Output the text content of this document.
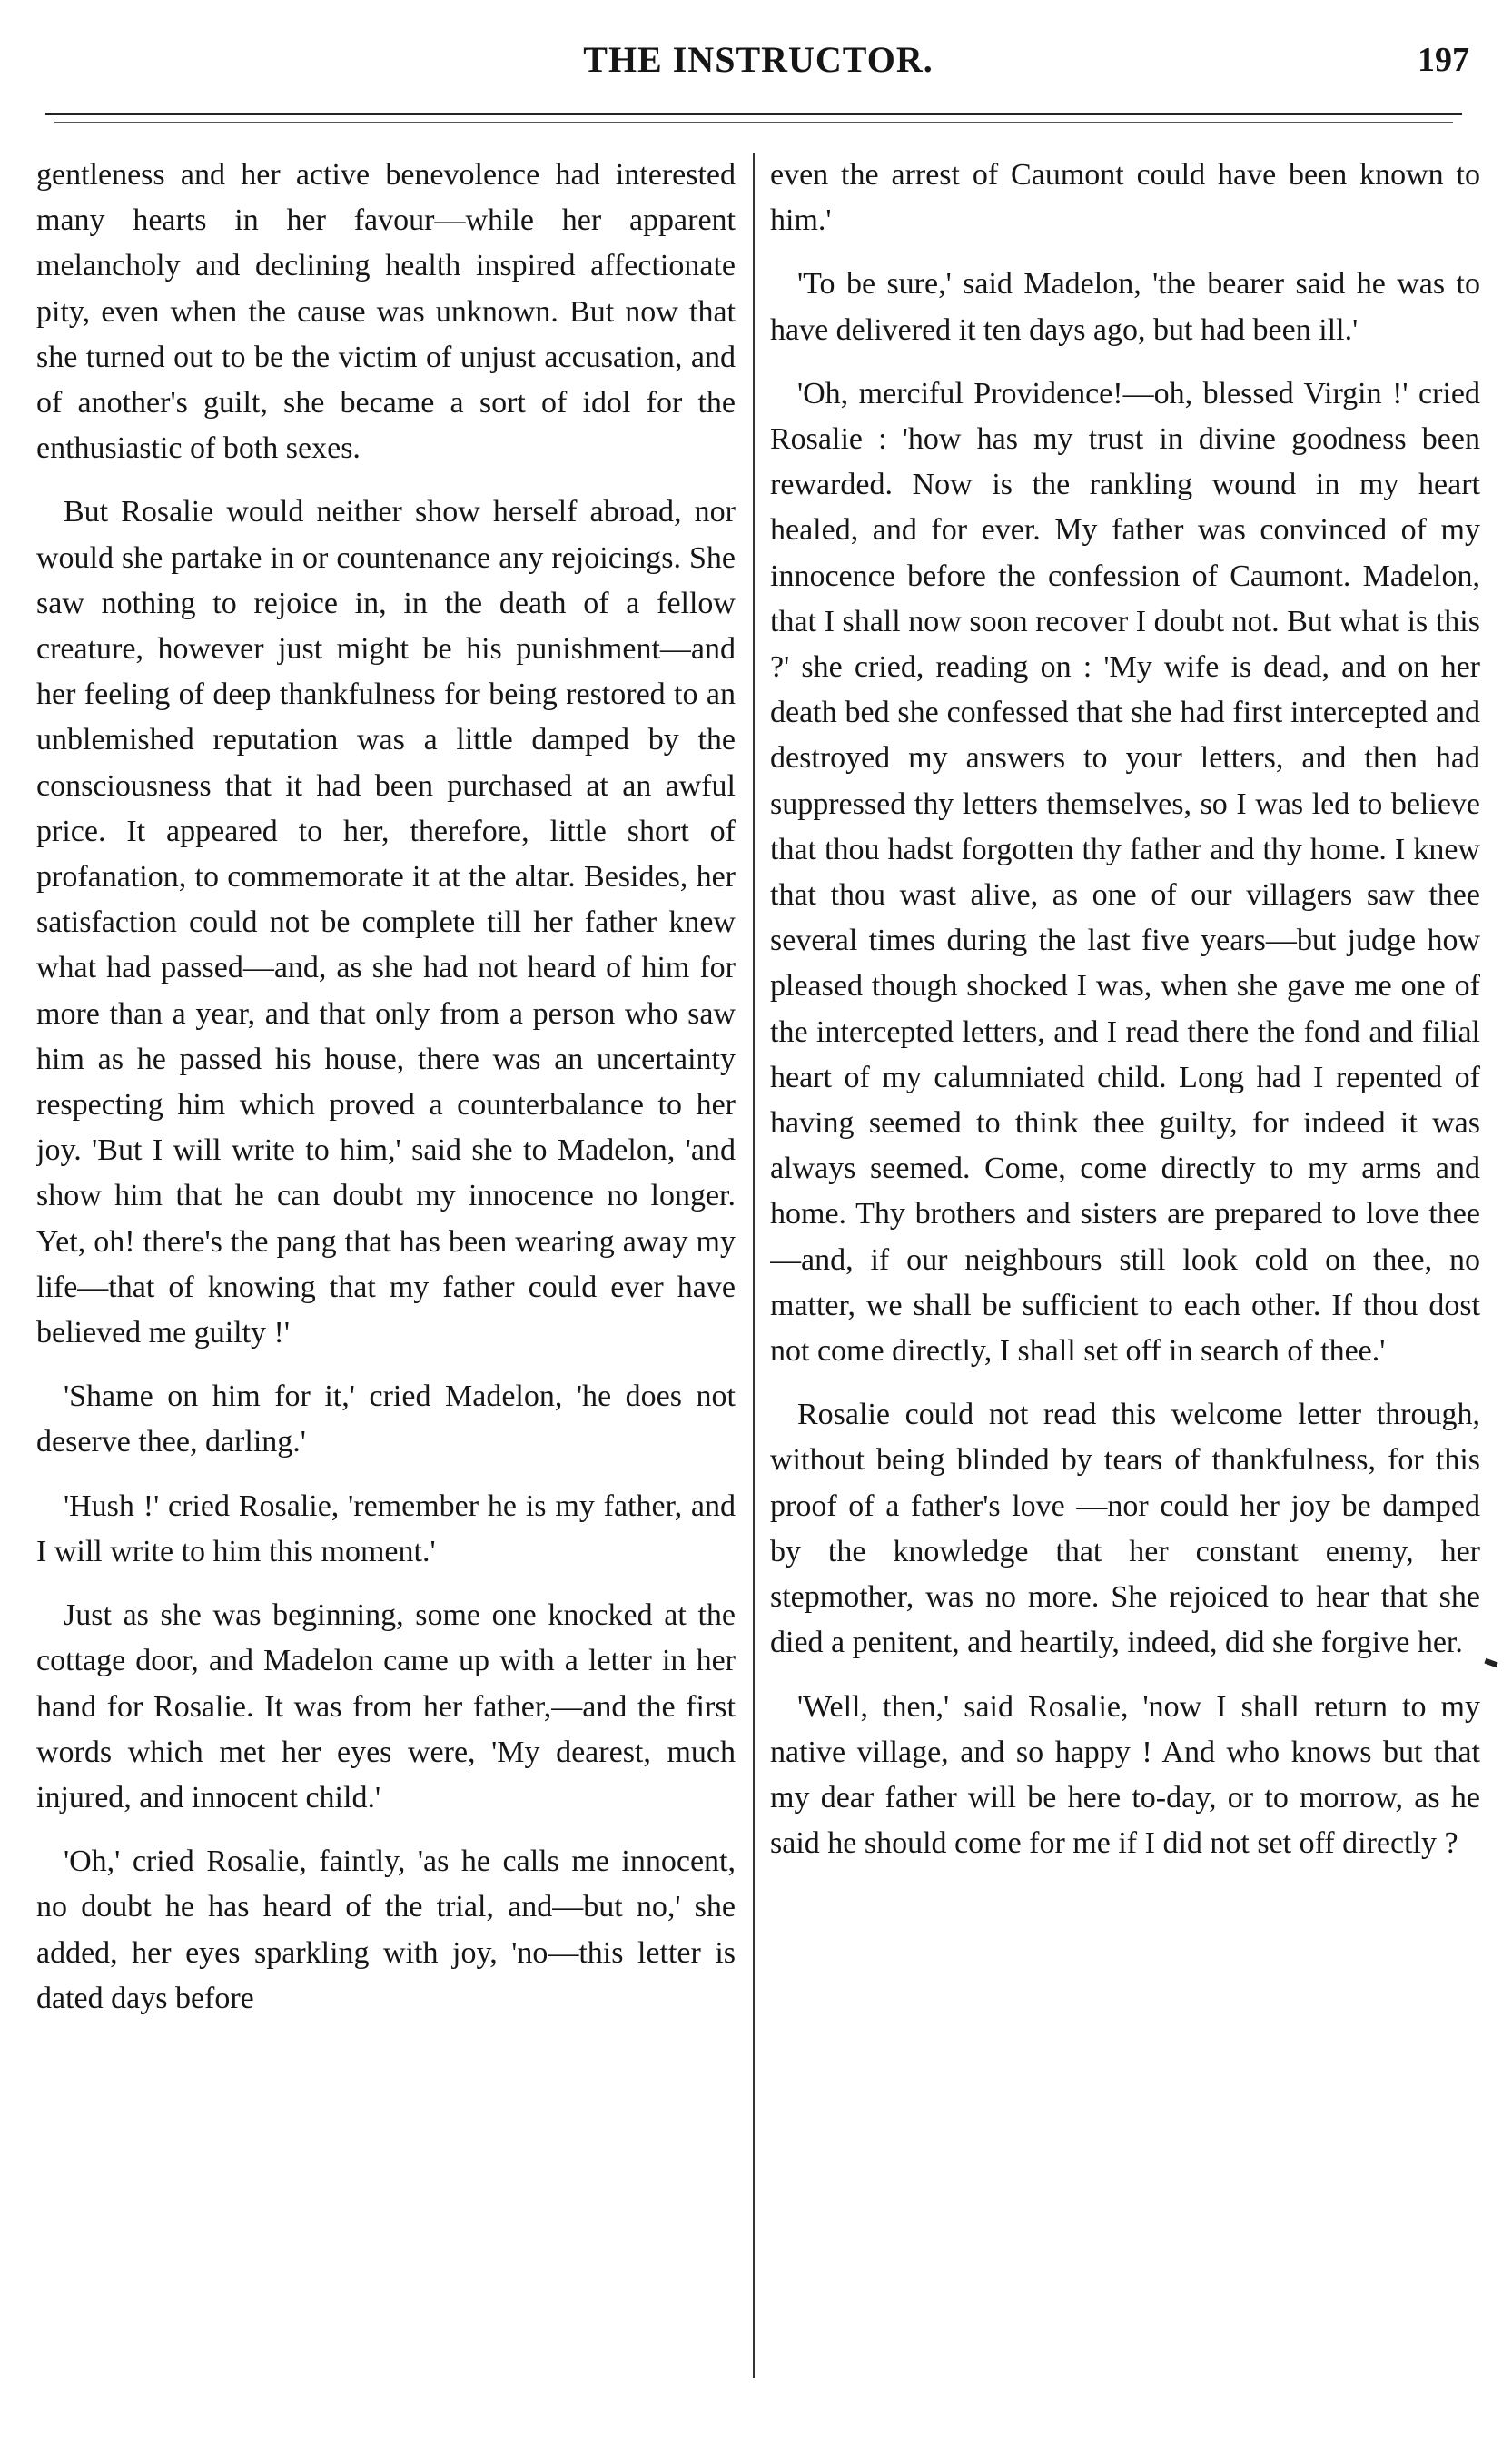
THE INSTRUCTOR.	197

gentleness and her active benevolence had interested many hearts in her favour—while her apparent melancholy and declining health inspired affectionate pity, even when the cause was unknown. But now that she turned out to be the victim of unjust accusation, and of another's guilt, she became a sort of idol for the enthusiastic of both sexes.

But Rosalie would neither show herself abroad, nor would she partake in or countenance any rejoicings. She saw nothing to rejoice in, in the death of a fellow creature, however just might be his punishment—and her feeling of deep thankfulness for being restored to an unblemished reputation was a little damped by the consciousness that it had been purchased at an awful price. It appeared to her, therefore, little short of profanation, to commemorate it at the altar. Besides, her satisfaction could not be complete till her father knew what had passed—and, as she had not heard of him for more than a year, and that only from a person who saw him as he passed his house, there was an uncertainty respecting him which proved a counterbalance to her joy. 'But I will write to him,' said she to Madelon, 'and show him that he can doubt my innocence no longer. Yet, oh! there's the pang that has been wearing away my life—that of knowing that my father could ever have believed me guilty !'

'Shame on him for it,' cried Madelon, 'he does not deserve thee, darling.'

'Hush !' cried Rosalie, 'remember he is my father, and I will write to him this moment.'

Just as she was beginning, some one knocked at the cottage door, and Madelon came up with a letter in her hand for Rosalie. It was from her father,—and the first words which met her eyes were, 'My dearest, much injured, and innocent child.'

'Oh,' cried Rosalie, faintly, 'as he calls me innocent, no doubt he has heard of the trial, and—but no,' she added, her eyes sparkling with joy, 'no—this letter is dated days before

even the arrest of Caumont could have been known to him.'

'To be sure,' said Madelon, 'the bearer said he was to have delivered it ten days ago, but had been ill.'

'Oh, merciful Providence!—oh, blessed Virgin !' cried Rosalie : 'how has my trust in divine goodness been rewarded. Now is the rankling wound in my heart healed, and for ever. My father was convinced of my innocence before the confession of Caumont. Madelon, that I shall now soon recover I doubt not. But what is this ?' she cried, reading on : 'My wife is dead, and on her death bed she confessed that she had first intercepted and destroyed my answers to your letters, and then had suppressed thy letters themselves, so I was led to believe that thou hadst forgotten thy father and thy home. I knew that thou wast alive, as one of our villagers saw thee several times during the last five years—but judge how pleased though shocked I was, when she gave me one of the intercepted letters, and I read there the fond and filial heart of my calumniated child. Long had I repented of having seemed to think thee guilty, for indeed it was always seemed. Come, come directly to my arms and home. Thy brothers and sisters are prepared to love thee—and, if our neighbours still look cold on thee, no matter, we shall be sufficient to each other. If thou dost not come directly, I shall set off in search of thee.'

Rosalie could not read this welcome letter through, without being blinded by tears of thankfulness, for this proof of a father's love —nor could her joy be damped by the knowledge that her constant enemy, her stepmother, was no more. She rejoiced to hear that she died a penitent, and heartily, indeed, did she forgive her.

'Well, then,' said Rosalie, 'now I shall return to my native village, and so happy ! And who knows but that my dear father will be here to-day, or to morrow, as he said he should come for me if I did not set off directly ?
